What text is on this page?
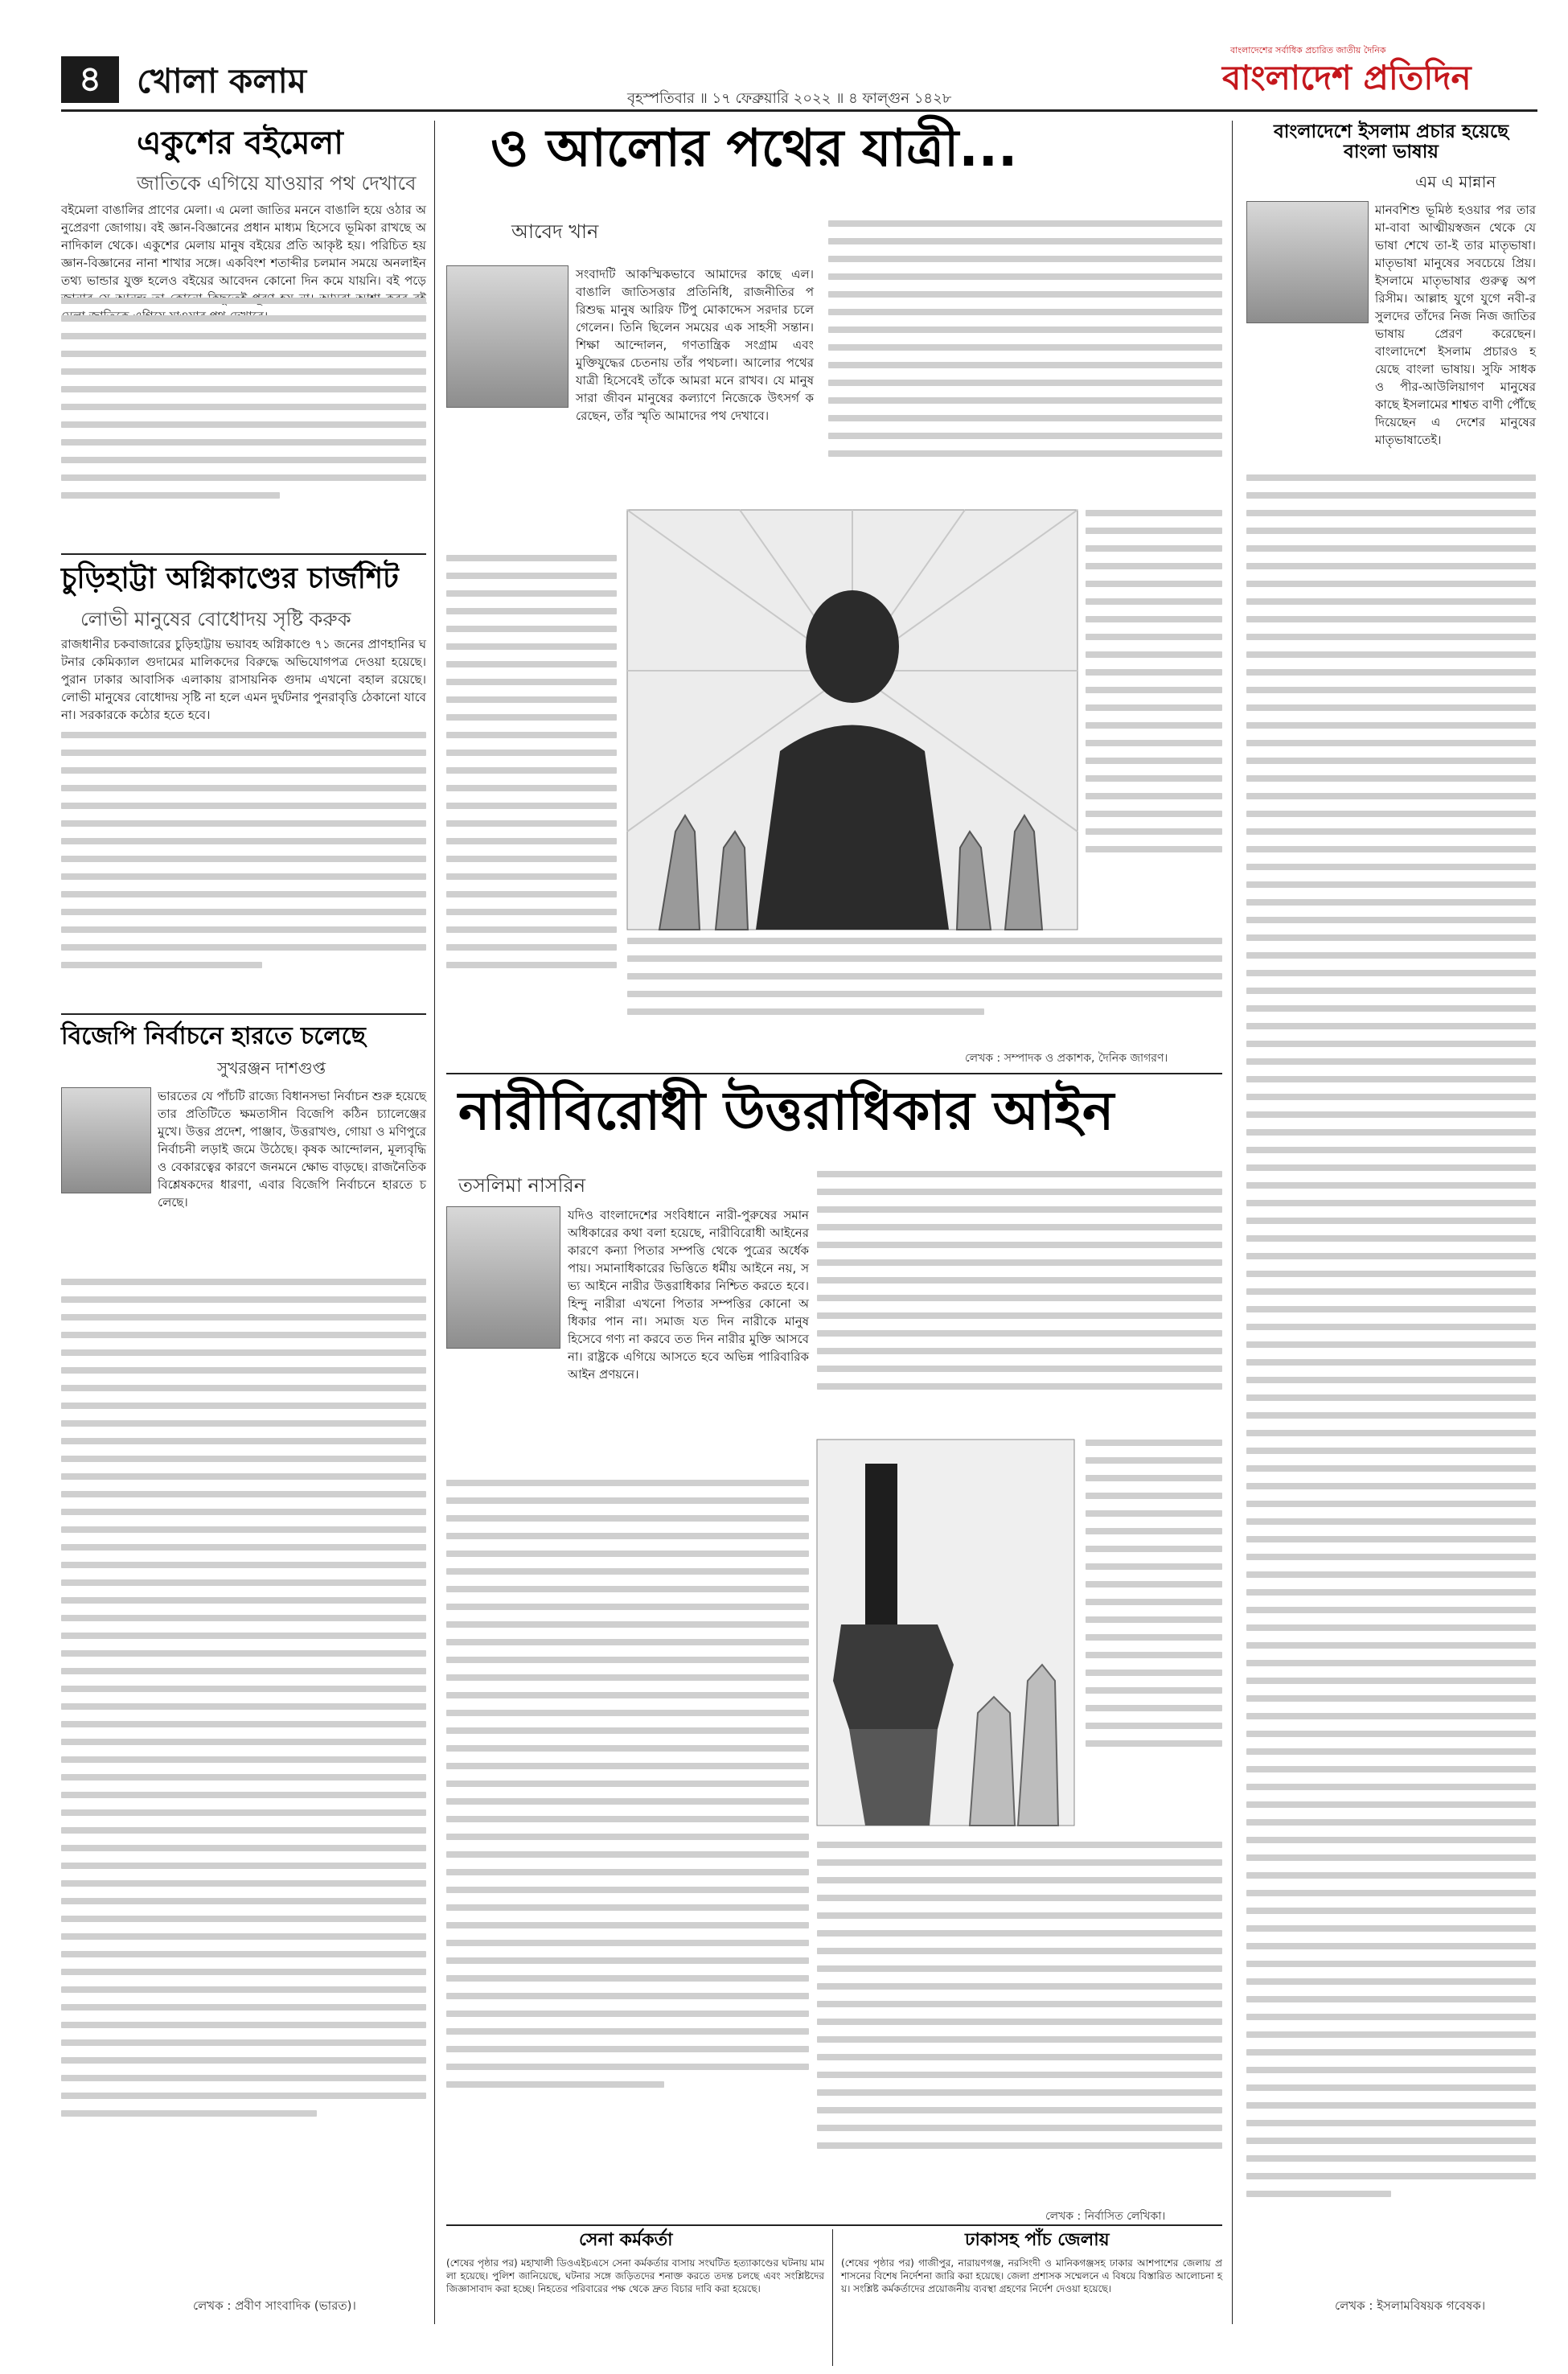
৪	খোলা কলাম	বৃহস্পতিবার ॥ ১৭ ফেব্রুয়ারি ২০২২ ॥ ৪ ফাল্গুন ১৪২৮
বাংলাদেশের সর্বাধিক প্রচারিত জাতীয় দৈনিক
বাংলাদেশ প্রতিদিন
একুশের বইমেলা
জাতিকে এগিয়ে যাওয়ার পথ দেখাবে
বইমেলা বাঙালির প্রাণের মেলা। এ মেলা জাতির মননে বাঙালি হয়ে ওঠার অনুপ্রেরণা জোগায়। বই জ্ঞান-বিজ্ঞানের প্রধান মাধ্যম হিসেবে ভূমিকা রাখছে অনাদিকাল থেকে। একুশের মেলায় মানুষ বইয়ের প্রতি আকৃষ্ট হয়। পরিচিত হয় জ্ঞান-বিজ্ঞানের নানা শাখার সঙ্গে। একবিংশ শতাব্দীর চলমান সময়ে অনলাইন তথ্য ভান্ডার যুক্ত হলেও বইয়ের আবেদন কোনো দিন কমে যায়নি। বই পড়ে
চুড়িহাট্টা অগ্নিকাণ্ডের চার্জশিট
লোভী মানুষের বোধোদয় সৃষ্টি করুক
রাজধানীর চকবাজারের চুড়িহাট্টায় ভয়াবহ অগ্নিকাণ্ডে ৭১ জনের প্রাণহানির ঘটনার কেমিক্যাল গুদামের মালিকদের বিরুদ্ধে অভিযোগপত্র দেওয়া হয়েছে। পুরান ঢাকার আবাসিক এলাকায় রাসায়নিক গুদাম এখনো বহাল রয়েছে। লোভী মানুষের বোধোদয় সৃষ্টি না হলে এমন দুর্ঘটনার পুনরাবৃত্তি ঠেকানো যাবে না। সরকারকে কঠোর হতে হবে।
বিজেপি নির্বাচনে হারতে চলেছে
সুখরঞ্জন দাশগুপ্ত
ভারতের যে পাঁচটি রাজ্যে বিধানসভা নির্বাচন শুরু হয়েছে তার প্রতিটিতে ক্ষমতাসীন বিজেপি কঠিন চ্যালেঞ্জের মুখে। উত্তর প্রদেশ, পাঞ্জাব, উত্তরাখণ্ড, গোয়া ও মণিপুরে নির্বাচনী লড়াই জমে উঠেছে। কৃষক আন্দোলন, মূল্যবৃদ্ধি ও বেকারত্বের কারণে জনমনে ক্ষোভ বাড়ছে। রাজনৈতিক বিশ্লেষকদের ধারণা, এবার বিজেপি নির্বাচনে হারতে চলেছে।
লেখক : প্রবীণ সাংবাদিক (ভারত)।
ও আলোর পথের যাত্রী...
আবেদ খান
সংবাদটি আকস্মিকভাবে আমাদের কাছে এল। বাঙালি জাতিসত্তার প্রতিনিধি, রাজনীতির পরিশুদ্ধ মানুষ আরিফ টিপু মোকাদ্দেস সরদার চলে গেলেন। তিনি ছিলেন সময়ের এক সাহসী সন্তান। শিক্ষা আন্দোলন, গণতান্ত্রিক সংগ্রাম এবং মুক্তিযুদ্ধের চেতনায় তাঁর পথচলা। আলোর পথের যাত্রী হিসেবেই তাঁকে আমরা মনে রাখব। যে মানুষ সারা জীবন মানুষের কল্যাণে নিজেকে উৎসর্গ করেছেন, তাঁর স্মৃতি আমাদের পথ দেখাবে।
লেখক : সম্পাদক ও প্রকাশক, দৈনিক জাগরণ।
বাংলাদেশে ইসলাম প্রচার হয়েছে বাংলা ভাষায়
এম এ মান্নান
মানবশিশু ভূমিষ্ঠ হওয়ার পর তার মা-বাবা আত্মীয়স্বজন থেকে যে ভাষা শেখে তা-ই তার মাতৃভাষা। মাতৃভাষা মানুষের সবচেয়ে প্রিয়। ইসলামে মাতৃভাষার গুরুত্ব অপরিসীম। আল্লাহ যুগে যুগে নবী-রসুলদের তাঁদের নিজ নিজ জাতির ভাষায় প্রেরণ করেছেন। বাংলাদেশে ইসলাম প্রচারও হয়েছে বাংলা ভাষায়। সুফি সাধক ও পীর-আউলিয়াগণ মানুষের কাছে ইসলামের শাশ্বত বাণী পৌঁছে দিয়েছেন এ দেশের মানুষের মাতৃভাষাতেই।
লেখক : ইসলামবিষয়ক গবেষক।
নারীবিরোধী উত্তরাধিকার আইন
তসলিমা নাসরিন
যদিও বাংলাদেশের সংবিধানে নারী-পুরুষের সমান অধিকারের কথা বলা হয়েছে, নারীবিরোধী আইনের কারণে কন্যা পিতার সম্পত্তি থেকে পুত্রের অর্ধেক পায়। সমানাধিকারের ভিত্তিতে ধর্মীয় আইনে নয়, সভ্য আইনে নারীর উত্তরাধিকার নিশ্চিত করতে হবে। হিন্দু নারীরা এখনো পিতার সম্পত্তির কোনো অধিকার পান না। সমাজ যত দিন নারীকে মানুষ হিসেবে গণ্য না করবে তত দিন নারীর মুক্তি আসবে না। রাষ্ট্রকে এগিয়ে আসতে হবে অভিন্ন পারিবারিক আইন প্রণয়নে।
লেখক : নির্বাসিত লেখিকা।
সেনা কর্মকর্তা
(শেষের পৃষ্ঠার পর) মহাখালী ডিওএইচএসে সেনা কর্মকর্তার বাসায় সংঘটিত হত্যাকাণ্ডের ঘটনায় মামলা হয়েছে। পুলিশ জানিয়েছে, ঘটনার সঙ্গে জড়িতদের শনাক্ত করতে তদন্ত চলছে এবং সংশ্লিষ্টদের জিজ্ঞাসাবাদ করা হচ্ছে। নিহতের পরিবারের পক্ষ থেকে দ্রুত বিচার দাবি করা হয়েছে।
ঢাকাসহ পাঁচ জেলায়
(শেষের পৃষ্ঠার পর) গাজীপুর, নারায়ণগঞ্জ, নরসিংদী ও মানিকগঞ্জসহ ঢাকার আশপাশের জেলায় প্রশাসনের বিশেষ নির্দেশনা জারি করা হয়েছে। জেলা প্রশাসক সম্মেলনে এ বিষয়ে বিস্তারিত আলোচনা হয়। সংশ্লিষ্ট কর্মকর্তাদের প্রয়োজনীয় ব্যবস্থা গ্রহণের নির্দেশ দেওয়া হয়েছে।
